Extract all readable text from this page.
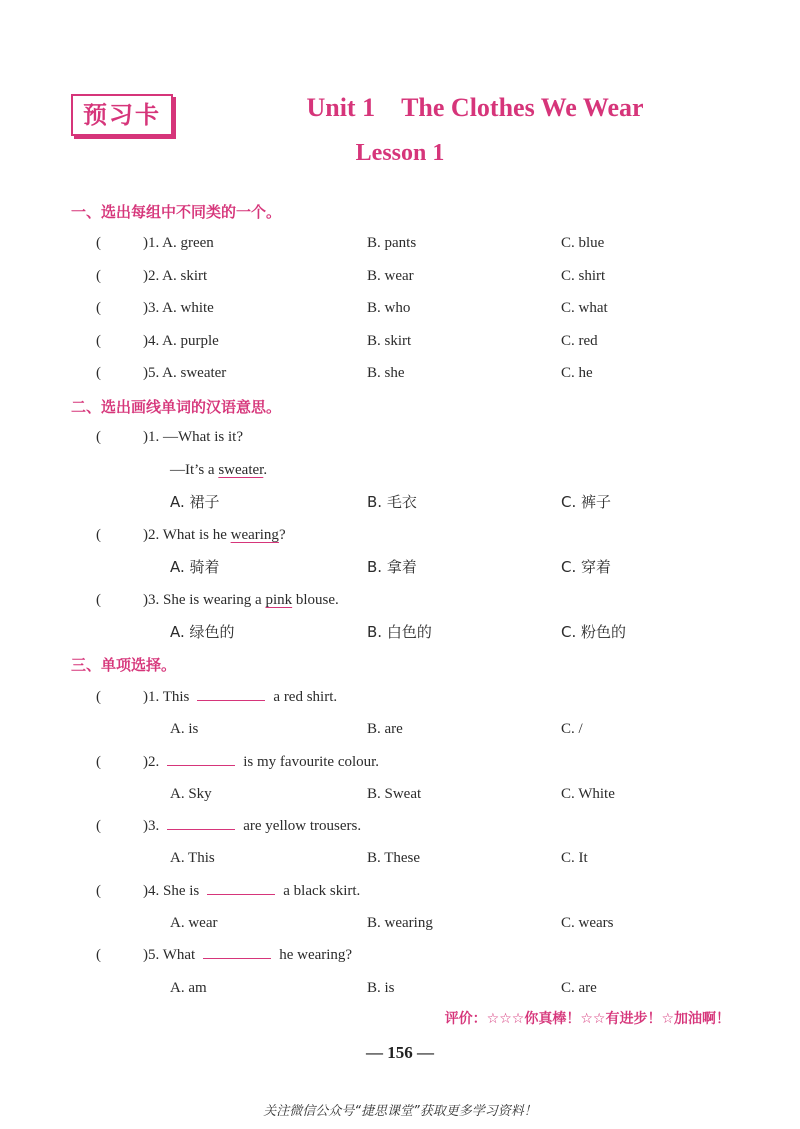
预习卡	Unit 1 The Clothes We Wear
Lesson 1
一、选出每组中不同类的一个。
(	)1. A. green	B. pants	C. blue
(	)2. A. skirt	B. wear	C. shirt
(	)3. A. white	B. who	C. what
(	)4. A. purple	B. skirt	C. red
(	)5. A. sweater	B. she	C. he
二、选出画线单词的汉语意思。
(	)1. —What is it?
—It’s a sweater.
A. 裙子	B. 毛衣	C. 裤子
(	)2. What is he wearing?
A. 骑着	B. 拿着	C. 穿着
(	)3. She is wearing a pink blouse.
A. 绿色的	B. 白色的	C. 粉色的
三、单项选择。
(	)1. This	a red shirt.
A. is	B. are	C. /
(	)2.	is my favourite colour.
A. Sky	B. Sweat	C. White
(	)3.	are yellow trousers.
A. This	B. These	C. It
(	)4. She is	a black skirt.
A. wear	B. wearing	C. wears
(	)5. What	he wearing?
A. am	B. is	C. are
评价：☆☆☆你真棒！☆☆有进步！☆加油啊！
— 156 —
关注微信公众号“捷思课堂”获取更多学习资料！
